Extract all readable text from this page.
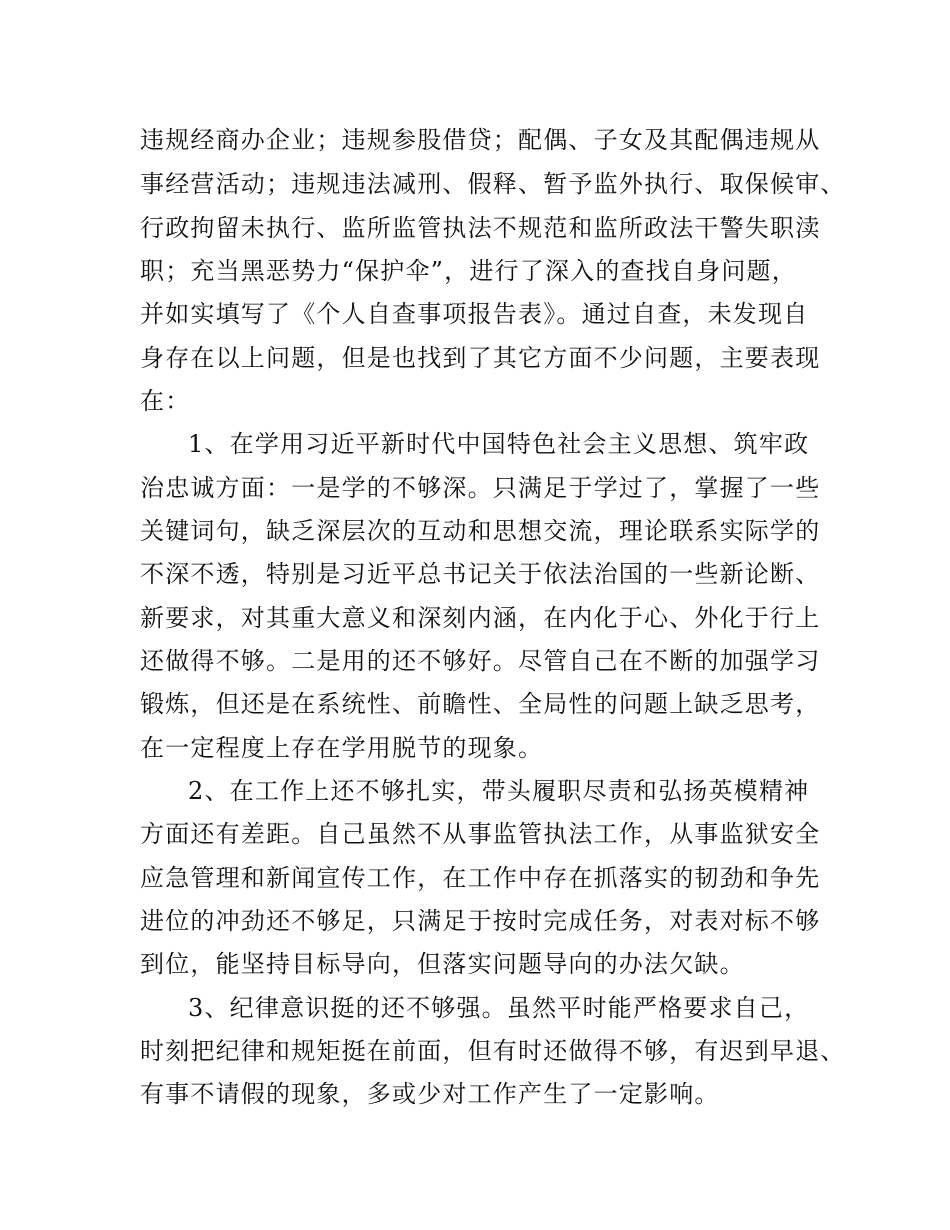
违规经商办企业；违规参股借贷；配偶、子女及其配偶违规从
事经营活动；违规违法减刑、假释、暂予监外执行、取保候审、
行政拘留未执行、监所监管执法不规范和监所政法干警失职渎
职；充当黑恶势力“保护伞”，进行了深入的查找自身问题，
并如实填写了《个人自查事项报告表》。通过自查，未发现自
身存在以上问题，但是也找到了其它方面不少问题，主要表现
在：
1、在学用习近平新时代中国特色社会主义思想、筑牢政
治忠诚方面：一是学的不够深。只满足于学过了，掌握了一些
关键词句，缺乏深层次的互动和思想交流，理论联系实际学的
不深不透，特别是习近平总书记关于依法治国的一些新论断、
新要求，对其重大意义和深刻内涵，在内化于心、外化于行上
还做得不够。二是用的还不够好。尽管自己在不断的加强学习
锻炼，但还是在系统性、前瞻性、全局性的问题上缺乏思考，
在一定程度上存在学用脱节的现象。
2、在工作上还不够扎实，带头履职尽责和弘扬英模精神
方面还有差距。自己虽然不从事监管执法工作，从事监狱安全
应急管理和新闻宣传工作，在工作中存在抓落实的韧劲和争先
进位的冲劲还不够足，只满足于按时完成任务，对表对标不够
到位，能坚持目标导向，但落实问题导向的办法欠缺。
3、纪律意识挺的还不够强。虽然平时能严格要求自己，
时刻把纪律和规矩挺在前面，但有时还做得不够，有迟到早退、
有事不请假的现象，多或少对工作产生了一定影响。
